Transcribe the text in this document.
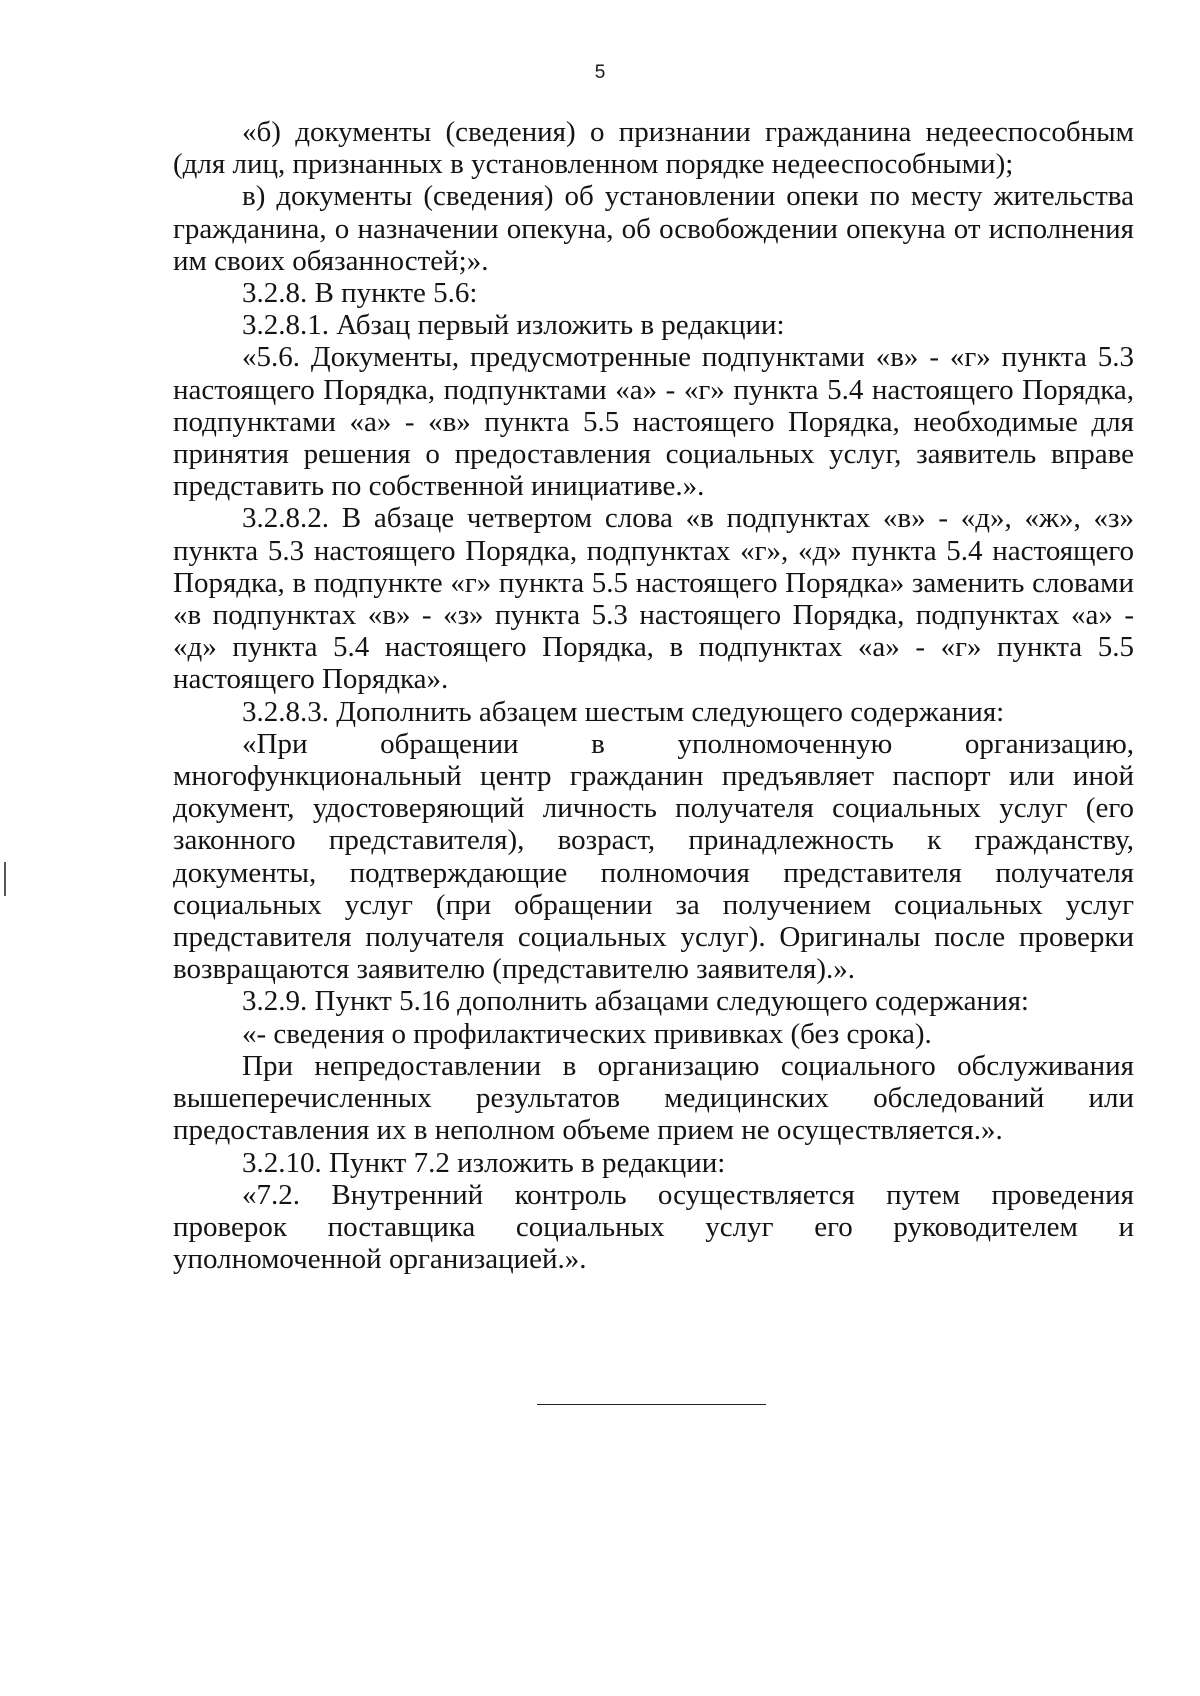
5

«б) документы (сведения) о признании гражданина недееспособным (для лиц, признанных в установленном порядке недееспособными);

в) документы (сведения) об установлении опеки по месту жительства гражданина, о назначении опекуна, об освобождении опекуна от исполнения им своих обязанностей;».

3.2.8. В пункте 5.6:

3.2.8.1. Абзац первый изложить в редакции:

«5.6. Документы, предусмотренные подпунктами «в» - «г» пункта 5.3 настоящего Порядка, подпунктами «а» - «г» пункта 5.4 настоящего Порядка, подпунктами «а» - «в» пункта 5.5 настоящего Порядка, необходимые для принятия решения о предоставления социальных услуг, заявитель вправе представить по собственной инициативе.».

3.2.8.2. В абзаце четвертом слова «в подпунктах «в» - «д», «ж», «з» пункта 5.3 настоящего Порядка, подпунктах «г», «д» пункта 5.4 настоящего Порядка, в подпункте «г» пункта 5.5 настоящего Порядка» заменить словами «в подпунктах «в» - «з» пункта 5.3 настоящего Порядка, подпунктах «а» - «д» пункта 5.4 настоящего Порядка, в подпунктах «а» - «г» пункта 5.5 настоящего Порядка».

3.2.8.3. Дополнить абзацем шестым следующего содержания:

«При обращении в уполномоченную организацию, многофункциональный центр гражданин предъявляет паспорт или иной документ, удостоверяющий личность получателя социальных услуг (его законного представителя), возраст, принадлежность к гражданству, документы, подтверждающие полномочия представителя получателя социальных услуг (при обращении за получением социальных услуг представителя получателя социальных услуг). Оригиналы после проверки возвращаются заявителю (представителю заявителя).».

3.2.9. Пункт 5.16 дополнить абзацами следующего содержания:

«- сведения о профилактических прививках (без срока).

При непредоставлении в организацию социального обслуживания вышеперечисленных результатов медицинских обследований или предоставления их в неполном объеме прием не осуществляется.».

3.2.10. Пункт 7.2 изложить в редакции:

«7.2. Внутренний контроль осуществляется путем проведения проверок поставщика социальных услуг его руководителем и уполномоченной организацией.».
